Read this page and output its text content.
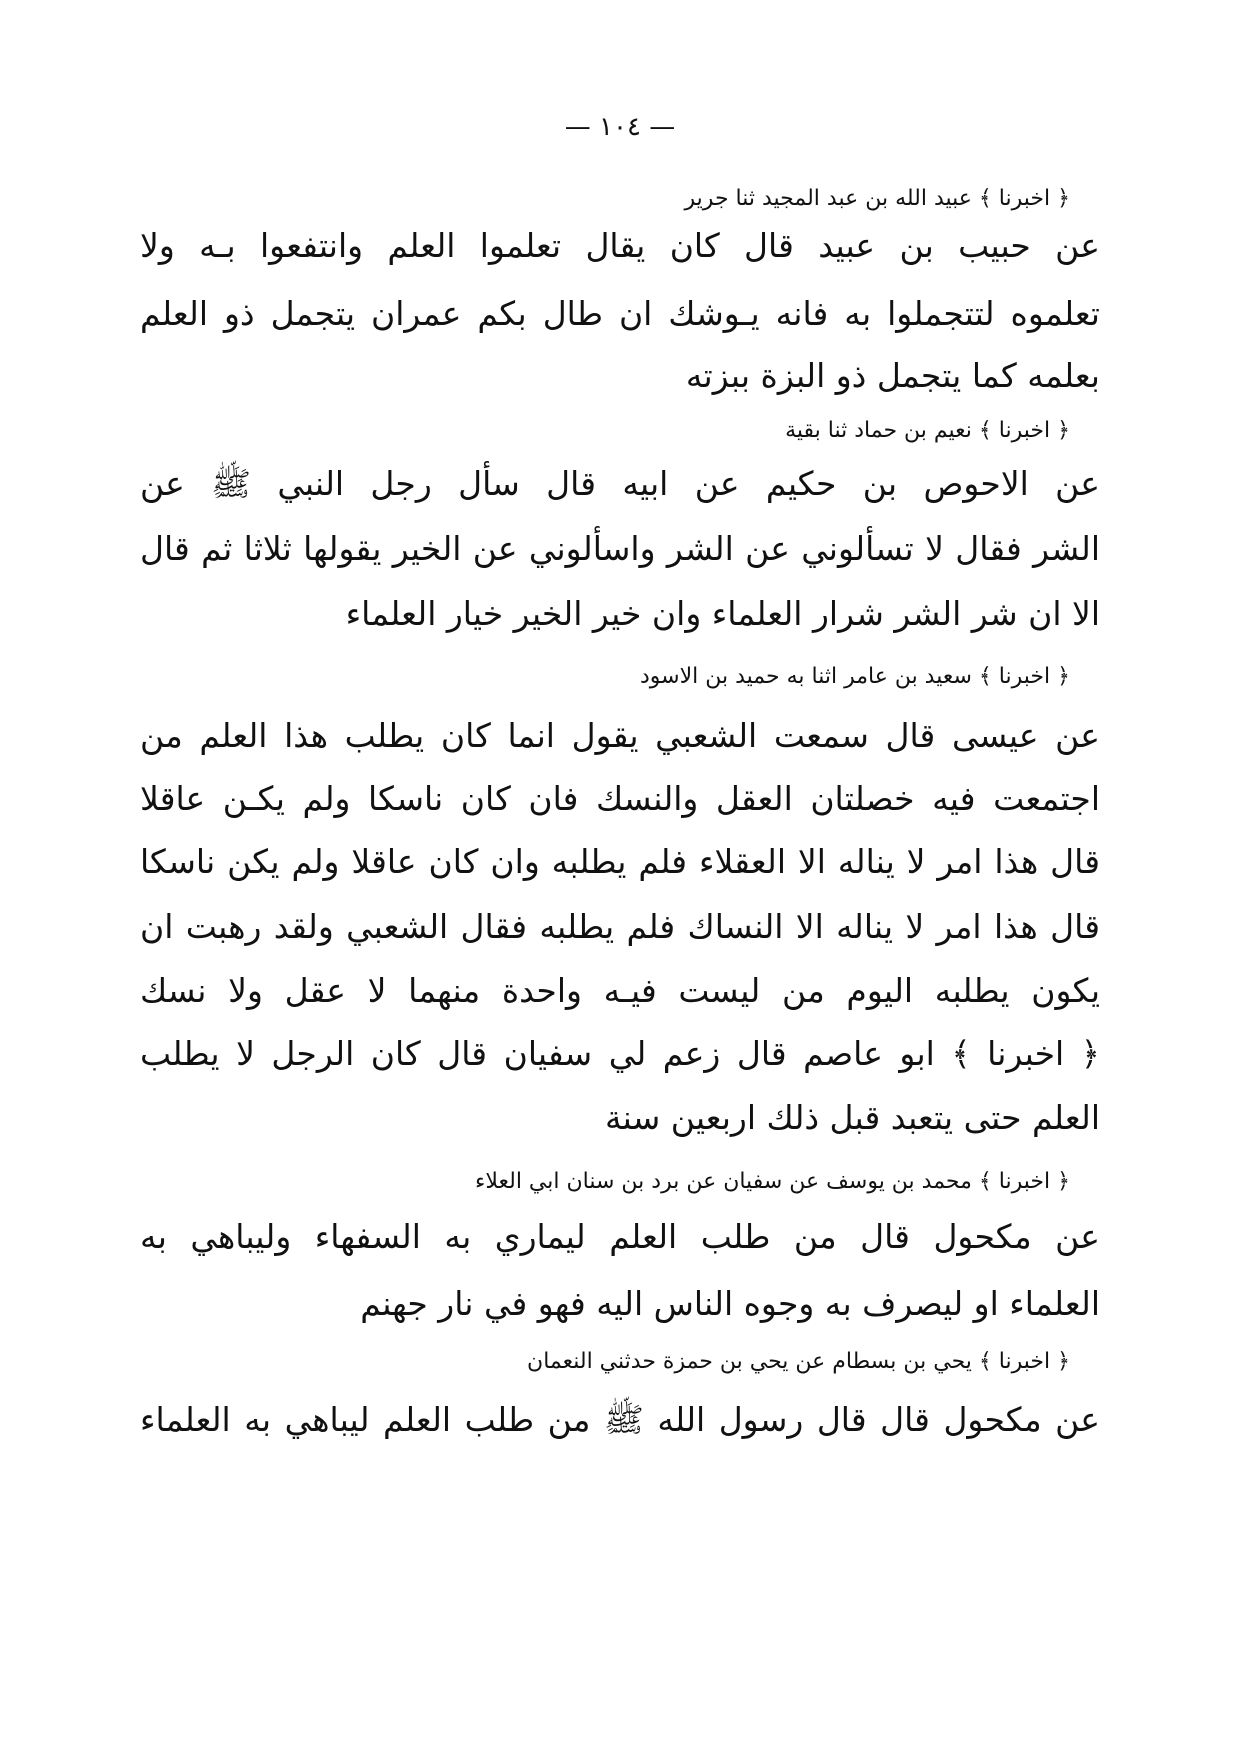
— ١٠٤ —
﴿ اخبرنا ﴾ عبيد الله بن عبد المجيد ثنا جرير
عن حبيب بن عبيد قال كان يقال تعلموا العلم وانتفعوا بـه ولا
تعلموه لتتجملوا به فانه يـوشك ان طال بكم عمران يتجمل ذو العلم
بعلمه كما يتجمل ذو البزة ببزته
﴿ اخبرنا ﴾ نعيم بن حماد ثنا بقية
عن الاحوص بن حكيم عن ابيه قال سأل رجل النبي ﷺ عن
الشر فقال لا تسألوني عن الشر واسألوني عن الخير يقولها ثلاثا ثم قال
الا ان شر الشر شرار العلماء وان خير الخير خيار العلماء
﴿ اخبرنا ﴾ سعيد بن عامر اثنا به حميد بن الاسود
عن عيسى قال سمعت الشعبي يقول انما كان يطلب هذا العلم من
اجتمعت فيه خصلتان العقل والنسك فان كان ناسكا ولم يكـن عاقلا
قال هذا امر لا يناله الا العقلاء فلم يطلبه وان كان عاقلا ولم يكن ناسكا
قال هذا امر لا يناله الا النساك فلم يطلبه فقال الشعبي ولقد رهبت ان
يكون يطلبه اليوم من ليست فيـه واحدة منهما لا عقل ولا نسك
﴿ اخبرنا ﴾ ابو عاصم قال زعم لي سفيان قال كان الرجل لا يطلب
العلم حتى يتعبد قبل ذلك اربعين سنة
﴿ اخبرنا ﴾ محمد بن يوسف عن سفيان عن برد بن سنان ابي العلاء
عن مكحول قال من طلب العلم ليماري به السفهاء وليباهي به
العلماء او ليصرف به وجوه الناس اليه فهو في نار جهنم
﴿ اخبرنا ﴾ يحي بن بسطام عن يحي بن حمزة حدثني النعمان
عن مكحول قال قال رسول الله ﷺ من طلب العلم ليباهي به العلماء
